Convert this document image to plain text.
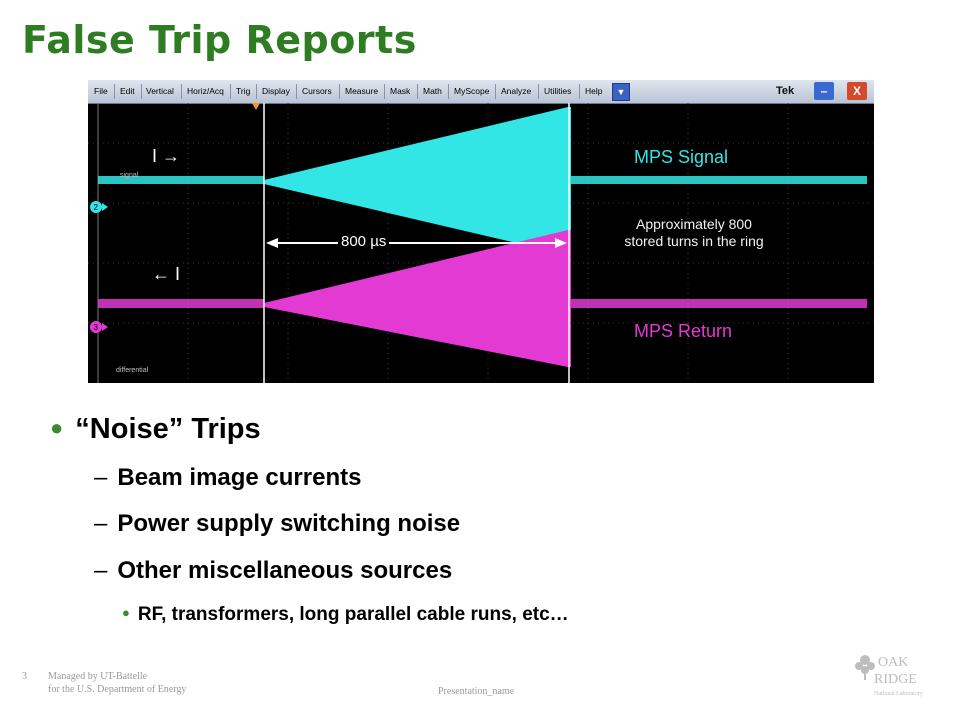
False Trip Reports
File Edit Vertical Horiz/Acq Trig Display Cursors Measure Mask Math MyScope Analyze Utilities Help	▼	Tek	–	X
2
3
I →
← I
MPS Signal
MPS Return
Approximately 800 stored turns in the ring
800 µs
signal
differential
● “Noise” Trips
– Beam image currents
– Power supply switching noise
– Other miscellaneous sources
● RF, transformers, long parallel cable runs, etc…
3 Managed by UT-Battelle
for the U.S. Department of Energy	Presentation_name
OAK
RIDGE
National Laboratory
